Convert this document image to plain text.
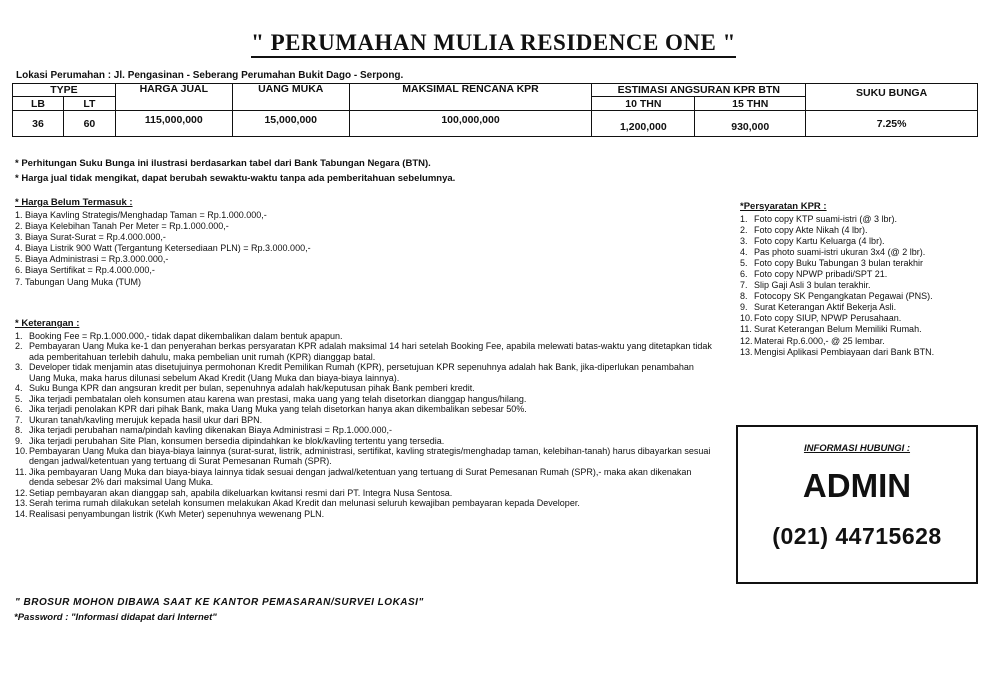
" PERUMAHAN MULIA RESIDENCE ONE "
Lokasi Perumahan : Jl. Pengasinan - Seberang Perumahan Bukit Dago - Serpong.
TYPE		HARGA JUAL	UANG MUKA	MAKSIMAL RENCANA KPR	ESTIMASI ANGSURAN KPR BTN		SUKU BUNGA
LB	LT				10 THN	15 THN	
36	60	115,000,000	15,000,000	100,000,000	1,200,000	930,000	7.25%
* Perhitungan Suku Bunga ini ilustrasi berdasarkan tabel dari Bank Tabungan Negara (BTN).
* Harga jual tidak mengikat, dapat berubah sewaktu-waktu tanpa ada pemberitahuan sebelumnya.
* Harga Belum Termasuk :
1. Biaya Kavling Strategis/Menghadap Taman = Rp.1.000.000,-
2. Biaya Kelebihan Tanah Per Meter = Rp.1.000.000,-
3. Biaya Surat-Surat = Rp.4.000.000,-
4. Biaya Listrik 900 Watt (Tergantung Ketersediaan PLN) = Rp.3.000.000,-
5. Biaya Administrasi = Rp.3.000.000,-
6. Biaya Sertifikat = Rp.4.000.000,-
7. Tabungan Uang Muka (TUM)
* Keterangan :
1. Booking Fee = Rp.1.000.000,- tidak dapat dikembalikan dalam bentuk apapun.
2. Pembayaran Uang Muka ke-1 dan penyerahan berkas persyaratan KPR adalah maksimal 14 hari setelah Booking Fee, apabila melewati batas-waktu yang ditetapkan tidak ada pemberitahuan terlebih dahulu, maka pembelian unit rumah (KPR) dianggap batal.
3. Developer tidak menjamin atas disetujuinya permohonan Kredit Pemilikan Rumah (KPR), persetujuan KPR sepenuhnya adalah hak Bank, jika-diperlukan penambahan Uang Muka, maka harus dilunasi sebelum Akad Kredit (Uang Muka dan biaya-biaya lainnya).
4. Suku Bunga KPR dan angsuran kredit per bulan, sepenuhnya adalah hak/keputusan pihak Bank pemberi kredit.
5. Jika terjadi pembatalan oleh konsumen atau karena wan prestasi, maka uang yang telah disetorkan dianggap hangus/hilang.
6. Jika terjadi penolakan KPR dari pihak Bank, maka Uang Muka yang telah disetorkan hanya akan dikembalikan sebesar 50%.
7. Ukuran tanah/kavling merujuk kepada hasil ukur dari BPN.
8. Jika terjadi perubahan nama/pindah kavling dikenakan Biaya Administrasi = Rp.1.000.000,-
9. Jika terjadi perubahan Site Plan, konsumen bersedia dipindahkan ke blok/kavling tertentu yang tersedia.
10. Pembayaran Uang Muka dan biaya-biaya lainnya (surat-surat, listrik, administrasi, sertifikat, kavling strategis/menghadap taman, kelebihan-tanah) harus dibayarkan sesuai dengan jadwal/ketentuan yang tertuang di Surat Pemesanan Rumah (SPR).
11. Jika pembayaran Uang Muka dan biaya-biaya lainnya tidak sesuai dengan jadwal/ketentuan yang tertuang di Surat Pemesanan Rumah (SPR),- maka akan dikenakan denda sebesar 2% dari maksimal Uang Muka.
12. Setiap pembayaran akan dianggap sah, apabila dikeluarkan kwitansi resmi dari PT. Integra Nusa Sentosa.
13. Serah terima rumah dilakukan setelah konsumen melakukan Akad Kredit dan melunasi seluruh kewajiban pembayaran kepada Developer.
14. Realisasi penyambungan listrik (Kwh Meter) sepenuhnya wewenang PLN.
*Persyaratan KPR :
1. Foto copy KTP suami-istri (@ 3 lbr).
2. Foto copy Akte Nikah (4 lbr).
3. Foto copy Kartu Keluarga (4 lbr).
4. Pas photo suami-istri ukuran 3x4 (@ 2 lbr).
5. Foto copy Buku Tabungan 3 bulan terakhir
6. Foto copy NPWP pribadi/SPT 21.
7. Slip Gaji Asli 3 bulan terakhir.
8. Fotocopy SK Pengangkatan Pegawai (PNS).
9. Surat Keterangan Aktif Bekerja Asli.
10. Foto copy SIUP, NPWP Perusahaan.
11. Surat Keterangan Belum Memiliki Rumah.
12. Materai Rp.6.000,- @ 25 lembar.
13. Mengisi Aplikasi Pembiayaan dari Bank BTN.
INFORMASI HUBUNGI :
ADMIN
(021) 44715628
" BROSUR MOHON DIBAWA SAAT KE KANTOR PEMASARAN/SURVEI LOKASI"
*Password : "Informasi didapat dari Internet"
